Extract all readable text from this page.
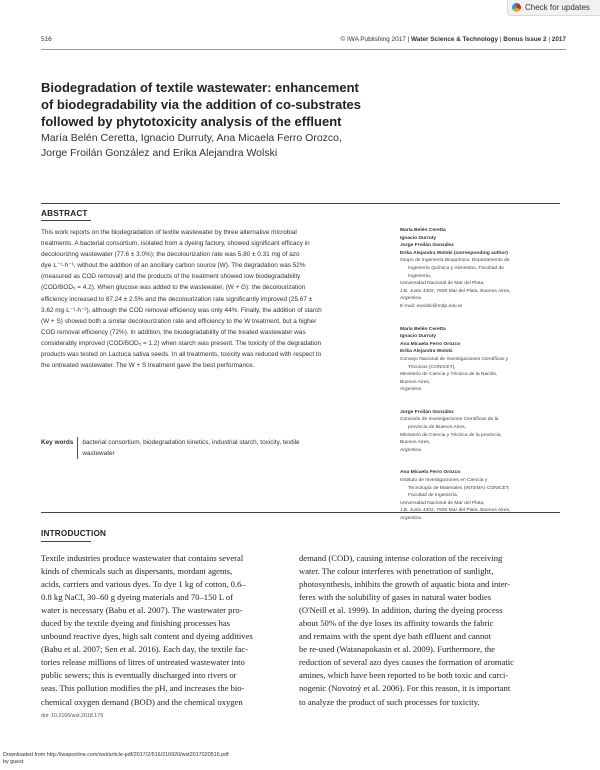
Check for updates
516	© IWA Publishing 2017 | Water Science & Technology | Bonus Issue 2 | 2017
Biodegradation of textile wastewater: enhancement
of biodegradability via the addition of co-substrates
followed by phytotoxicity analysis of the effluent
María Belén Ceretta, Ignacio Durruty, Ana Micaela Ferro Orozco,
Jorge Froilán González and Erika Alejandra Wolski
ABSTRACT

This work reports on the biodegradation of textile wastewater by three alternative microbial

treatments. A bacterial consortium, isolated from a dyeing factory, showed significant efficacy in

decolourizing wastewater (77.6 ± 3.0%); the decolourization rate was 5.80 ± 0.31 mg of azo

dye·L⁻¹·h⁻¹, without the addition of an ancillary carbon source (W). The degradation was 52%

(measured as COD removal) and the products of the treatment showed low biodegradability

(COD/BOD₅ = 4.2). When glucose was added to the wastewater, (W + G): the decolourization

efficiency increased to 87.24 ± 2.5% and the decolourization rate significantly improved (25.67 ±

3.62 mg·L⁻¹·h⁻¹), although the COD removal efficiency was only 44%. Finally, the addition of starch

(W + S) showed both a similar decolourization rate and efficiency to the W treatment, but a higher

COD removal efficiency (72%). In addition, the biodegradability of the treated wastewater was

considerably improved (COD/BOD₅ = 1.2) when starch was present. The toxicity of the degradation

products was tested on Lactuca sativa seeds. In all treatments, toxicity was reduced with respect to

the untreated wastewater. The W + S treatment gave the best performance.

Key words	bacterial consortium, biodegradation kinetics, industrial starch, toxicity, textile
wastewater
María Belén Ceretta
Ignacio Durruty
Jorge Froilán González
Erika Alejandra Wolski (corresponding author)
Grupo de Ingeniería Bioquímica. Departamento de
Ingeniería Química y Alimentos, Facultad de
Ingeniería,
Universidad Nacional de Mar del Plata,
J.B. Justo 4302, 7600 Mar del Plata, Buenos Aires,
Argentina
E-mail: ewolski@mdp.edu.ar
María Belén Ceretta
Ignacio Durruty
Ana Micaela Ferro Orozco
Erika Alejandra Wolski
Consejo Nacional de Investigaciones Científicas y
Técnicas (CONICET),
Ministerio de Ciencia y Técnica de la Nación,
Buenos Aires,
Argentina
Jorge Froilán González
Comisión de Investigaciones Científicas de la
provincia de Buenos Aires,
Ministerio de Ciencia y Técnica de la provincia,
Buenos Aires,
Argentina
Ana Micaela Ferro Orozco
Instituto de Investigaciones en Ciencia y
Tecnología de Materiales (INTEMA) CONICET,
Facultad de Ingeniería,
Universidad Nacional de Mar del Plata,
J.B. Justo 4302, 7600 Mar del Plata, Buenos Aires,
Argentina
INTRODUCTION

Textile industries produce wastewater that contains several

kinds of chemicals such as dispersants, mordant agents,

acids, carriers and various dyes. To dye 1 kg of cotton, 0.6–

0.8 kg NaCl, 30–60 g dyeing materials and 70–150 L of

water is necessary (Babu et al. 2007). The wastewater pro-

duced by the textile dyeing and finishing processes has

unbound reactive dyes, high salt content and dyeing additives

(Babu et al. 2007; Sen et al. 2016). Each day, the textile fac-

tories release millions of litres of untreated wastewater into

public sewers; this is eventually discharged into rivers or

seas. This pollution modifies the pH, and increases the bio-

chemical oxygen demand (BOD) and the chemical oxygen

demand (COD), causing intense coloration of the receiving

water. The colour interferes with penetration of sunlight,

photosynthesis, inhibits the growth of aquatic biota and inter-

feres with the solubility of gases in natural water bodies

(O'Neill et al. 1999). In addition, during the dyeing process

about 50% of the dye loses its affinity towards the fabric

and remains with the spent dye bath effluent and cannot

be re-used (Watanapokasin et al. 2009). Furthermore, the

reduction of several azo dyes causes the formation of aromatic

amines, which have been reported to be both toxic and carci-

nogenic (Novotný et al. 2006). For this reason, it is important

to analyze the product of such processes for toxicity.

doi: 10.2166/wst.2018.179
Downloaded from http://iwaponline.com/wst/article-pdf/2017/2/516/216920/wst2017020516.pdf
by guest
